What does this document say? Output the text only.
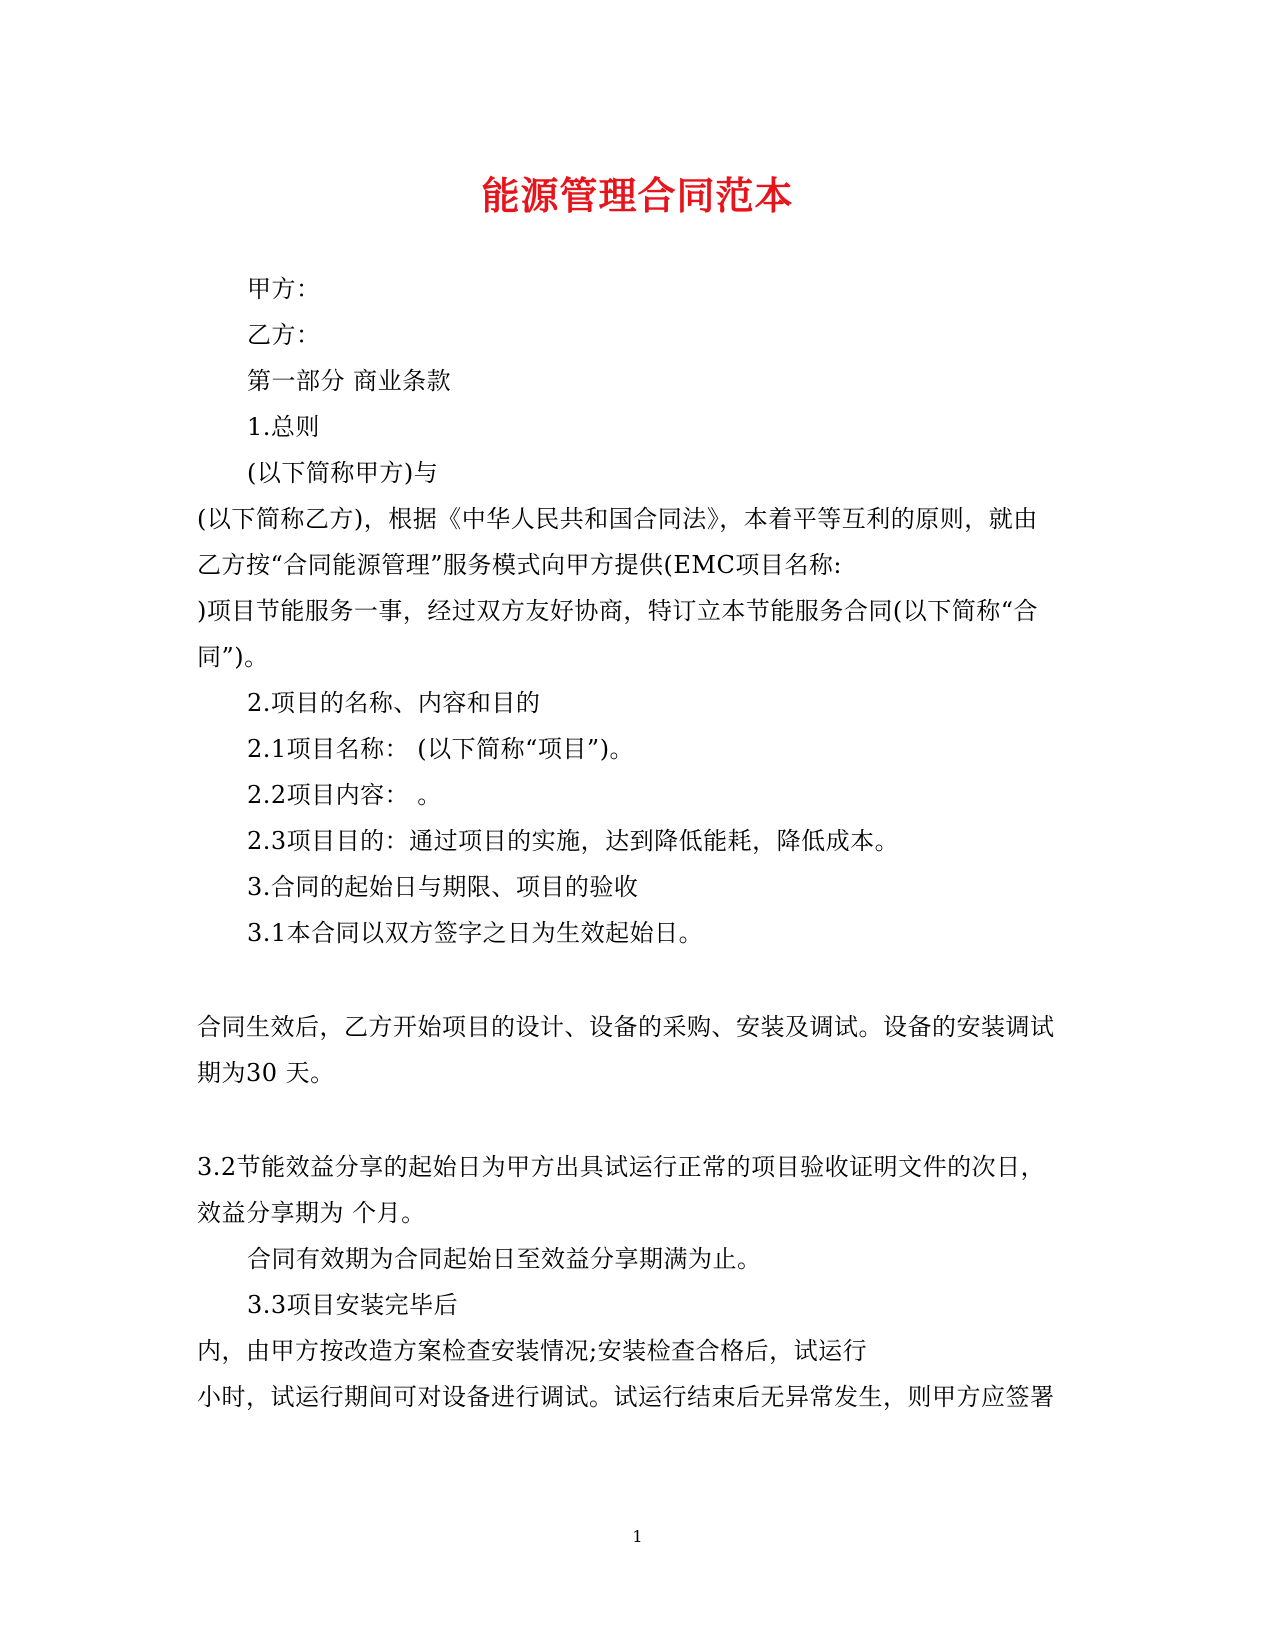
能源管理合同范本
甲方：
乙方：
第一部分 商业条款
1.总则
(以下简称甲方)与
(以下简称乙方)，根据《中华人民共和国合同法》，本着平等互利的原则，就由
乙方按“合同能源管理”服务模式向甲方提供(EMC项目名称:
)项目节能服务一事，经过双方友好协商，特订立本节能服务合同(以下简称“合
同”)。
2.项目的名称、内容和目的
2.1项目名称： (以下简称“项目”)。
2.2项目内容： 。
2.3项目目的：通过项目的实施，达到降低能耗，降低成本。
3.合同的起始日与期限、项目的验收
3.1本合同以双方签字之日为生效起始日。
合同生效后，乙方开始项目的设计、设备的采购、安装及调试。设备的安装调试
期为30 天。
3.2节能效益分享的起始日为甲方出具试运行正常的项目验收证明文件的次日，
效益分享期为 个月。
合同有效期为合同起始日至效益分享期满为止。
3.3项目安装完毕后
内，由甲方按改造方案检查安装情况;安装检查合格后，试运行
小时，试运行期间可对设备进行调试。试运行结束后无异常发生，则甲方应签署
1
